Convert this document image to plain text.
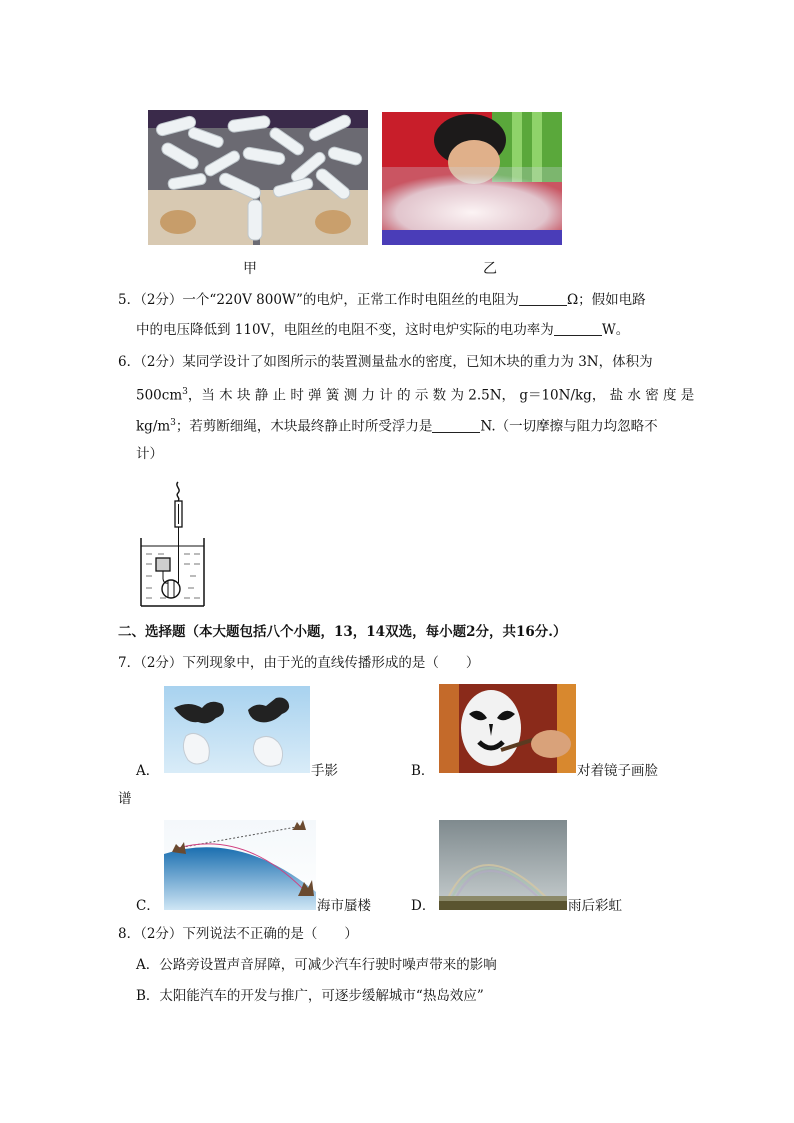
甲	乙
5．（2分）一个“220V 800W”的电炉，正常工作时电阻丝的电阻为	Ω；假如电路
中的电压降低到 110V，电阻丝的电阻不变，这时电炉实际的电功率为	W。
6．（2分）某同学设计了如图所示的装置测量盐水的密度，已知木块的重力为 3N，体积为
$500cm^3$，当 木 块 静 止 时 弹 簧 测 力 计 的 示 数 为 2.5N， g＝10N/kg， 盐 水 密 度 是
$kg/m^3$；若剪断细绳，木块最终静止时所受浮力是	N.（一切摩擦与阻力均忽略不
计）
二、选择题（本大题包括八个小题，13，14双选，每小题2分，共16分.）
7．（2分）下列现象中，由于光的直线传播形成的是（　　）
A．	手影	B．	对着镜子画脸
谱
C．	海市蜃楼	D．	雨后彩虹
8．（2分）下列说法不正确的是（　　）
A．公路旁设置声音屏障，可减少汽车行驶时噪声带来的影响
B．太阳能汽车的开发与推广，可逐步缓解城市“热岛效应”
